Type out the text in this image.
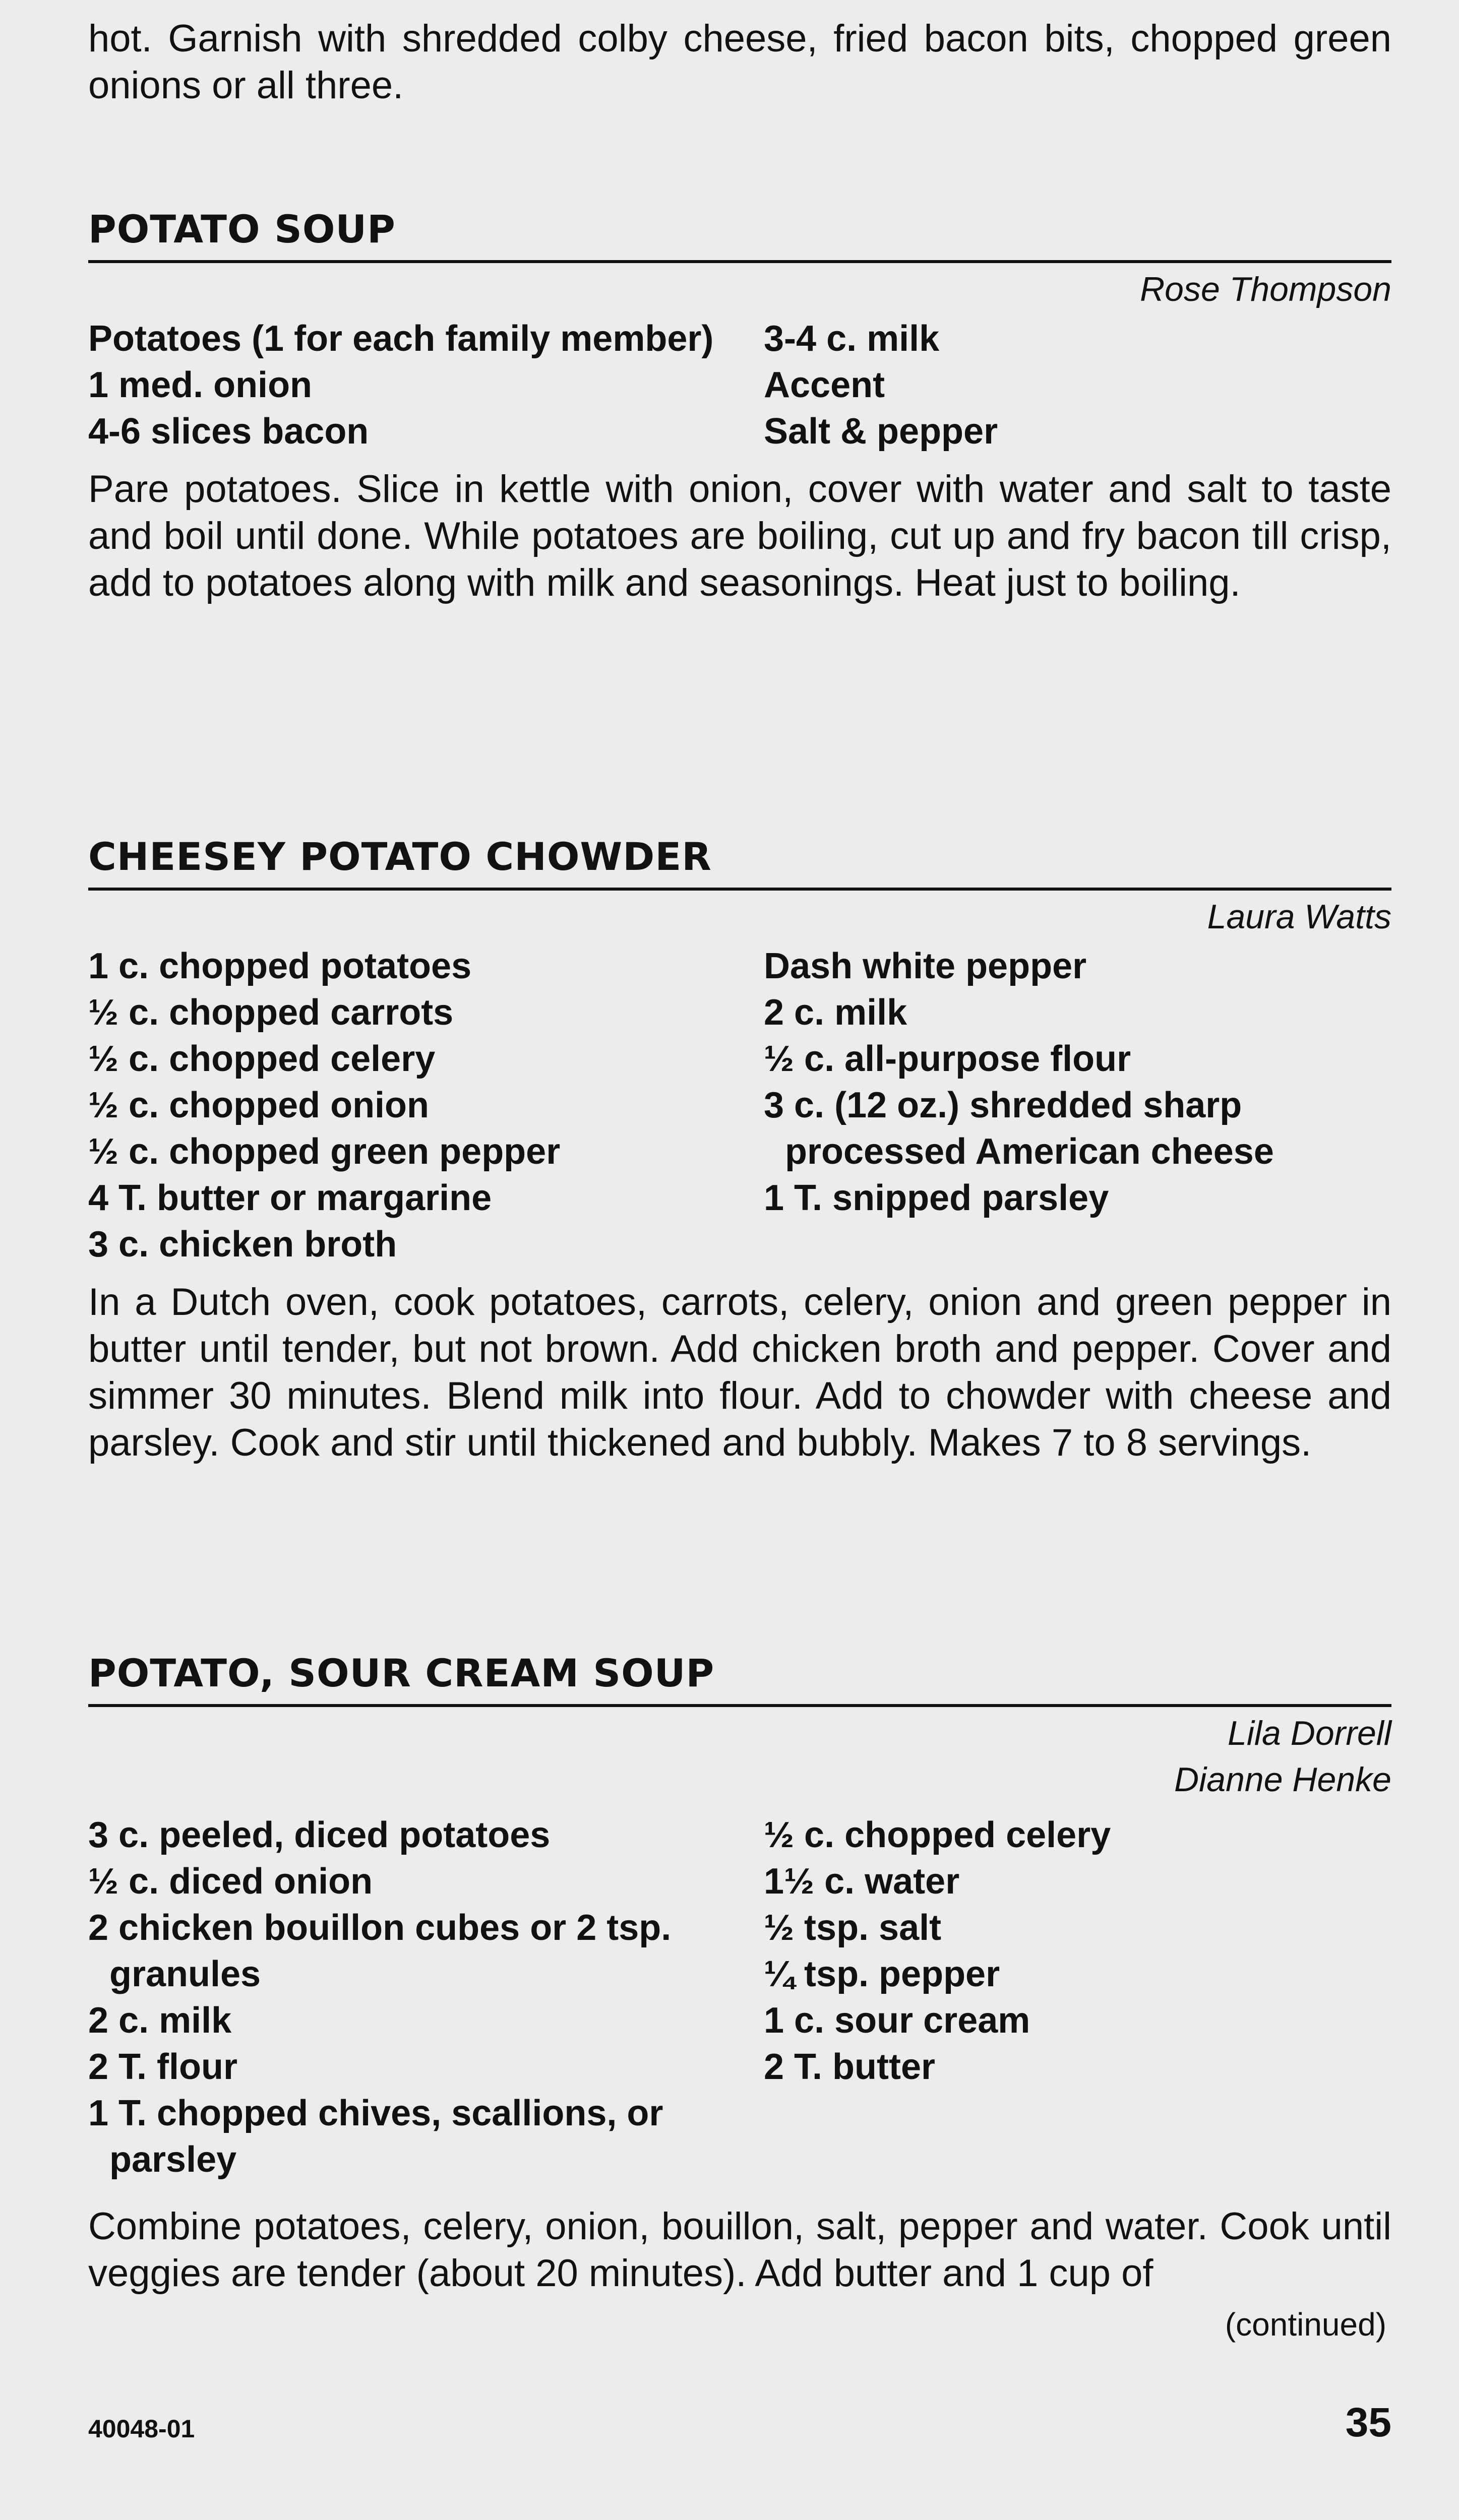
hot. Garnish with shredded colby cheese, fried bacon bits, chopped green onions or all three.

POTATO SOUP

Rose Thompson

Potatoes (1 for each family member)

1 med. onion

4-6 slices bacon

3-4 c. milk

Accent

Salt & pepper

Pare potatoes. Slice in kettle with onion, cover with water and salt to taste and boil until done. While potatoes are boiling, cut up and fry bacon till crisp, add to potatoes along with milk and seasonings. Heat just to boiling.

CHEESEY POTATO CHOWDER

Laura Watts

1 c. chopped potatoes

½ c. chopped carrots

½ c. chopped celery

½ c. chopped onion

½ c. chopped green pepper

4 T. butter or margarine

3 c. chicken broth

Dash white pepper

2 c. milk

½ c. all-purpose flour

3 c. (12 oz.) shredded sharp processed American cheese

1 T. snipped parsley

In a Dutch oven, cook potatoes, carrots, celery, onion and green pepper in butter until tender, but not brown. Add chicken broth and pepper. Cover and simmer 30 minutes. Blend milk into flour. Add to chowder with cheese and parsley. Cook and stir until thickened and bubbly. Makes 7 to 8 servings.

POTATO, SOUR CREAM SOUP

Lila Dorrell

Dianne Henke

3 c. peeled, diced potatoes

½ c. diced onion

2 chicken bouillon cubes or 2 tsp. granules

2 c. milk

2 T. flour

1 T. chopped chives, scallions, or parsley

½ c. chopped celery

1½ c. water

½ tsp. salt

¼ tsp. pepper

1 c. sour cream

2 T. butter

Combine potatoes, celery, onion, bouillon, salt, pepper and water. Cook until veggies are tender (about 20 minutes). Add butter and 1 cup of

(continued)
40048-01	35
